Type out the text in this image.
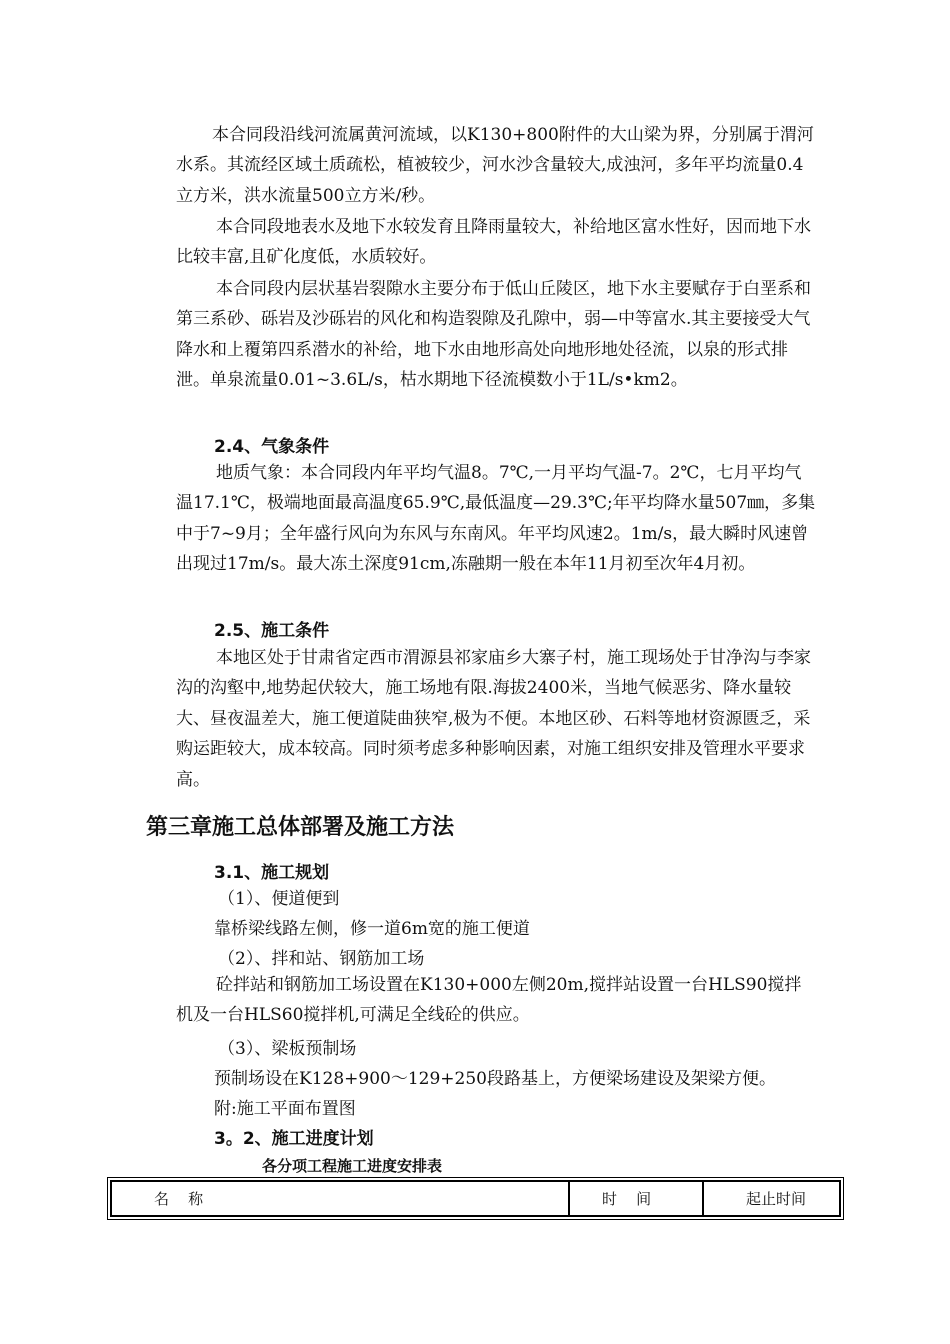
本合同段沿线河流属黄河流域，以K130+800附件的大山梁为界，分别属于渭河水系。其流经区域土质疏松，植被较少，河水沙含量较大,成浊河，多年平均流量0.4立方米，洪水流量500立方米/秒。

本合同段地表水及地下水较发育且降雨量较大，补给地区富水性好，因而地下水比较丰富,且矿化度低，水质较好。

本合同段内层状基岩裂隙水主要分布于低山丘陵区，地下水主要赋存于白垩系和第三系砂、砾岩及沙砾岩的风化和构造裂隙及孔隙中，弱—中等富水.其主要接受大气降水和上覆第四系潜水的补给，地下水由地形高处向地形地处径流，以泉的形式排泄。单泉流量0.01~3.6L/s，枯水期地下径流模数小于1L/s•km2。

2.4、气象条件

地质气象：本合同段内年平均气温8。7℃,一月平均气温-7。2℃，七月平均气温17.1℃，极端地面最高温度65.9℃,最低温度—29.3℃;年平均降水量507㎜，多集中于7~9月；全年盛行风向为东风与东南风。年平均风速2。1m/s，最大瞬时风速曾出现过17m/s。最大冻土深度91cm,冻融期一般在本年11月初至次年4月初。

2.5、施工条件

本地区处于甘肃省定西市渭源县祁家庙乡大寨子村，施工现场处于甘净沟与李家沟的沟壑中,地势起伏较大，施工场地有限.海拔2400米，当地气候恶劣、降水量较大、昼夜温差大，施工便道陡曲狭窄,极为不便。本地区砂、石料等地材资源匮乏，采购运距较大，成本较高。同时须考虑多种影响因素，对施工组织安排及管理水平要求高。

第三章施工总体部署及施工方法

3.1、施工规划

（1）、便道便到

靠桥梁线路左侧，修一道6m宽的施工便道

（2）、拌和站、钢筋加工场

砼拌站和钢筋加工场设置在K130+000左侧20m,搅拌站设置一台HLS90搅拌机及一台HLS60搅拌机,可满足全线砼的供应。

（3）、梁板预制场

预制场设在K128+900～129+250段路基上，方便梁场建设及架梁方便。

附:施工平面布置图

3。2、施工进度计划

各分项工程施工进度安排表

名    称	时    间	起止时间
